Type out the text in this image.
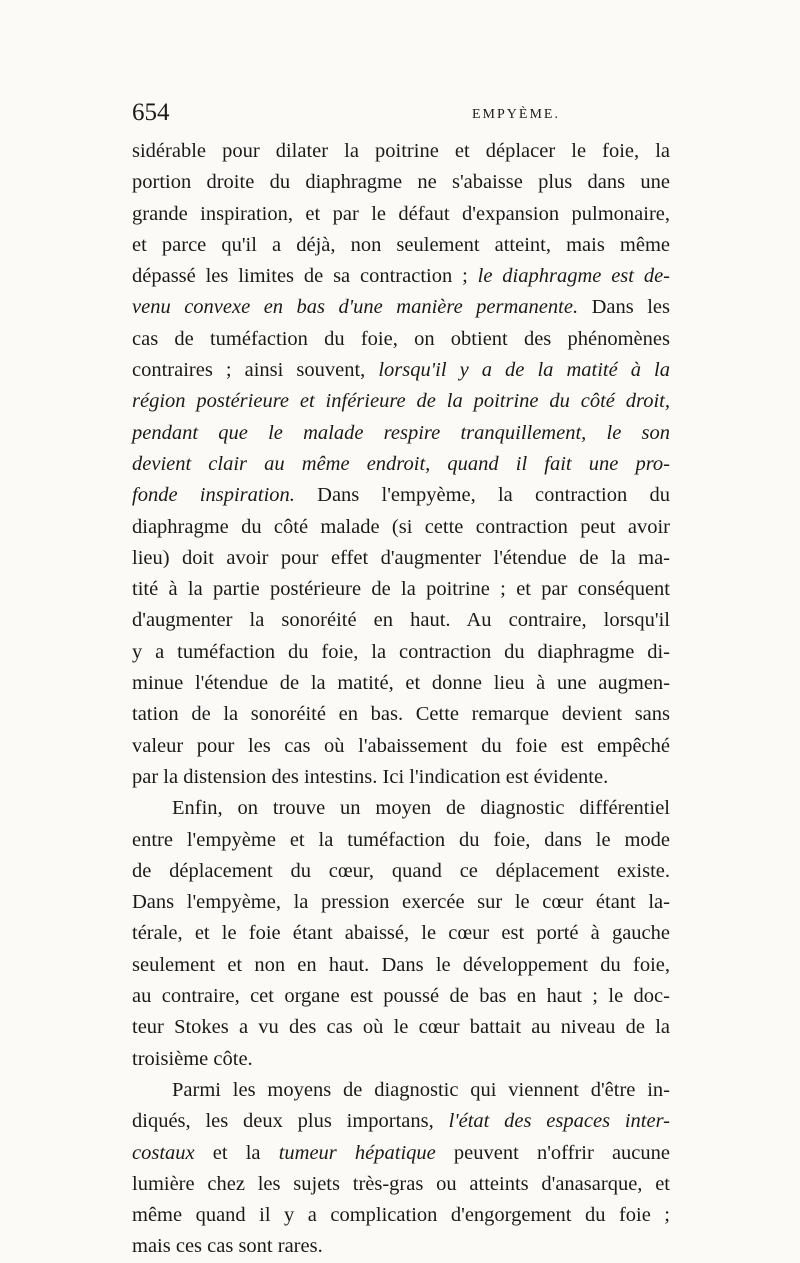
654	EMPYÈME.
sidérable pour dilater la poitrine et déplacer le foie, la
portion droite du diaphragme ne s'abaisse plus dans une
grande inspiration, et par le défaut d'expansion pulmonaire,
et parce qu'il a déjà, non seulement atteint, mais même
dépassé les limites de sa contraction ; le diaphragme est de-
venu convexe en bas d'une manière permanente. Dans les
cas de tuméfaction du foie, on obtient des phénomènes
contraires ; ainsi souvent, lorsqu'il y a de la matité à la
région postérieure et inférieure de la poitrine du côté droit,
pendant que le malade respire tranquillement, le son
devient clair au même endroit, quand il fait une pro-
fonde inspiration. Dans l'empyème, la contraction du
diaphragme du côté malade (si cette contraction peut avoir
lieu) doit avoir pour effet d'augmenter l'étendue de la ma-
tité à la partie postérieure de la poitrine ; et par conséquent
d'augmenter la sonoréité en haut. Au contraire, lorsqu'il
y a tuméfaction du foie, la contraction du diaphragme di-
minue l'étendue de la matité, et donne lieu à une augmen-
tation de la sonoréité en bas. Cette remarque devient sans
valeur pour les cas où l'abaissement du foie est empêché
par la distension des intestins. Ici l'indication est évidente.
Enfin, on trouve un moyen de diagnostic différentiel
entre l'empyème et la tuméfaction du foie, dans le mode
de déplacement du cœur, quand ce déplacement existe.
Dans l'empyème, la pression exercée sur le cœur étant la-
térale, et le foie étant abaissé, le cœur est porté à gauche
seulement et non en haut. Dans le développement du foie,
au contraire, cet organe est poussé de bas en haut ; le doc-
teur Stokes a vu des cas où le cœur battait au niveau de la
troisième côte.
Parmi les moyens de diagnostic qui viennent d'être in-
diqués, les deux plus importans, l'état des espaces inter-
costaux et la tumeur hépatique peuvent n'offrir aucune
lumière chez les sujets très-gras ou atteints d'anasarque, et
même quand il y a complication d'engorgement du foie ;
mais ces cas sont rares.
